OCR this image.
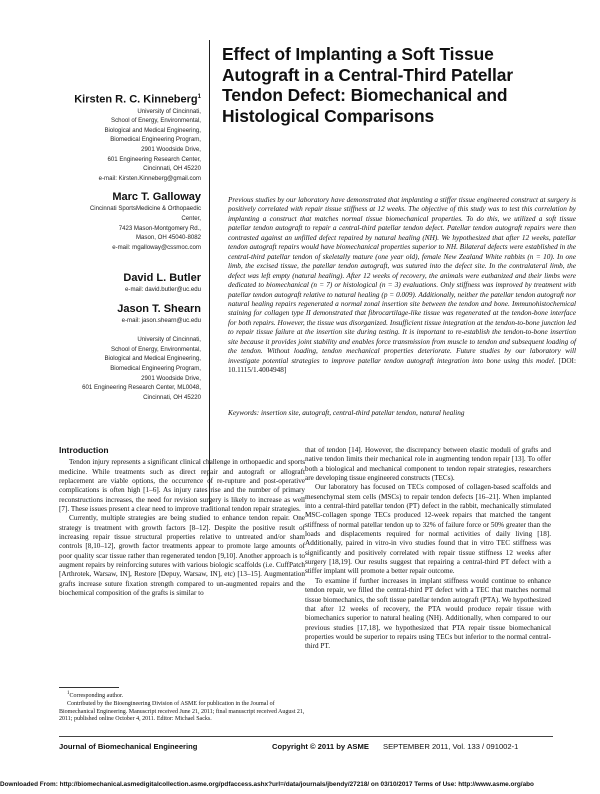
Effect of Implanting a Soft Tissue Autograft in a Central-Third Patellar Tendon Defect: Biomechanical and Histological Comparisons
Kirsten R. C. Kinneberg$^1$
University of Cincinnati,
School of Energy, Environmental,
Biological and Medical Engineering,
Biomedical Engineering Program,
2901 Woodside Drive,
601 Engineering Research Center,
Cincinnati, OH 45220
e-mail: Kirsten.Kinneberg@gmail.com
Marc T. Galloway
Cincinnati SportsMedicine & Orthopaedic
Center,
7423 Mason-Montgomery Rd.,
Mason, OH 45040-8082
e-mail: mgalloway@cssmoc.com
David L. Butler
e-mail: david.butler@uc.edu
Jason T. Shearn
e-mail: jason.shearn@uc.edu
University of Cincinnati,
School of Energy, Environmental,
Biological and Medical Engineering,
Biomedical Engineering Program,
2901 Woodside Drive,
601 Engineering Research Center, ML0048,
Cincinnati, OH 45220
Previous studies by our laboratory have demonstrated that implanting a stiffer tissue engineered construct at surgery is positively correlated with repair tissue stiffness at 12 weeks. The objective of this study was to test this correlation by implanting a construct that matches normal tissue biomechanical properties. To do this, we utilized a soft tissue patellar tendon autograft to repair a central-third patellar tendon defect. Patellar tendon autograft repairs were then contrasted against an unfilled defect repaired by natural healing (NH). We hypothesized that after 12 weeks, patellar tendon autograft repairs would have biomechanical properties superior to NH. Bilateral defects were established in the central-third patellar tendon of skeletally mature (one year old), female New Zealand White rabbits (n = 10). In one limb, the excised tissue, the patellar tendon autograft, was sutured into the defect site. In the contralateral limb, the defect was left empty (natural healing). After 12 weeks of recovery, the animals were euthanized and their limbs were dedicated to biomechanical (n = 7) or histological (n = 3) evaluations. Only stiffness was improved by treatment with patellar tendon autograft relative to natural healing (p = 0.009). Additionally, neither the patellar tendon autograft nor natural healing repairs regenerated a normal zonal insertion site between the tendon and bone. Immunohistochemical staining for collagen type II demonstrated that fibrocartilage-like tissue was regenerated at the tendon-bone interface for both repairs. However, the tissue was disorganized. Insufficient tissue integration at the tendon-to-bone junction led to repair tissue failure at the insertion site during testing. It is important to re-establish the tendon-to-bone insertion site because it provides joint stability and enables force transmission from muscle to tendon and subsequent loading of the tendon. Without loading, tendon mechanical properties deteriorate. Future studies by our laboratory will investigate potential strategies to improve patellar tendon autograft integration into bone using this model. [DOI: 10.1115/1.4004948]
Keywords: insertion site, autograft, central-third patellar tendon, natural healing
Introduction

Tendon injury represents a significant clinical challenge in orthopaedic and sports medicine. While treatments such as direct repair and autograft or allograft replacement are viable options, the occurrence of re-rupture and post-operative complications is often high [1–6]. As injury rates rise and the number of primary reconstructions increases, the need for revision surgery is likely to increase as well [7]. These issues present a clear need to improve traditional tendon repair strategies.

Currently, multiple strategies are being studied to enhance tendon repair. One strategy is treatment with growth factors [8–12]. Despite the positive result of increasing repair tissue structural properties relative to untreated and/or sham controls [8,10–12], growth factor treatments appear to promote large amounts of poor quality scar tissue rather than regenerated tendon [9,10]. Another approach is to augment repairs by reinforcing sutures with various biologic scaffolds (i.e. CuffPatch [Arthrotek, Warsaw, IN], Restore [Depuy, Warsaw, IN], etc) [13–15]. Augmentation grafts increase suture fixation strength compared to un-augmented repairs and the biochemical composition of the grafts is similar to

that of tendon [14]. However, the discrepancy between elastic moduli of grafts and native tendon limits their mechanical role in augmenting tendon repair [13]. To offer both a biological and mechanical component to tendon repair strategies, researchers are developing tissue engineered constructs (TECs).

Our laboratory has focused on TECs composed of collagen-based scaffolds and mesenchymal stem cells (MSCs) to repair tendon defects [16–21]. When implanted into a central-third patellar tendon (PT) defect in the rabbit, mechanically stimulated MSC-collagen sponge TECs produced 12-week repairs that matched the tangent stiffness of normal patellar tendon up to 32% of failure force or 50% greater than the loads and displacements required for normal activities of daily living [18]. Additionally, paired in vitro-in vivo studies found that in vitro TEC stiffness was significantly and positively correlated with repair tissue stiffness 12 weeks after surgery [18,19]. Our results suggest that repairing a central-third PT defect with a stiffer implant will promote a better repair outcome.

To examine if further increases in implant stiffness would continue to enhance tendon repair, we filled the central-third PT defect with a TEC that matches normal tissue biomechanics, the soft tissue patellar tendon autograft (PTA). We hypothesized that after 12 weeks of recovery, the PTA would produce repair tissue with biomechanics superior to natural healing (NH). Additionally, when compared to our previous studies [17,18], we hypothesized that PTA repair tissue biomechanical properties would be superior to repairs using TECs but inferior to the normal central-third PT.

$^1$Corresponding author.

Contributed by the Bioengineering Division of ASME for publication in the Journal of Biomechanical Engineering. Manuscript received June 21, 2011; final manuscript received August 21, 2011; published online October 4, 2011. Editor: Michael Sacks.

Journal of Biomechanical Engineering	Copyright © 2011 by ASME SEPTEMBER 2011, Vol. 133 / 091002-1
Downloaded From: http://biomechanical.asmedigitalcollection.asme.org/pdfaccess.ashx?url=/data/journals/jbendy/27218/ on 03/10/2017 Terms of Use: http://www.asme.org/abo
